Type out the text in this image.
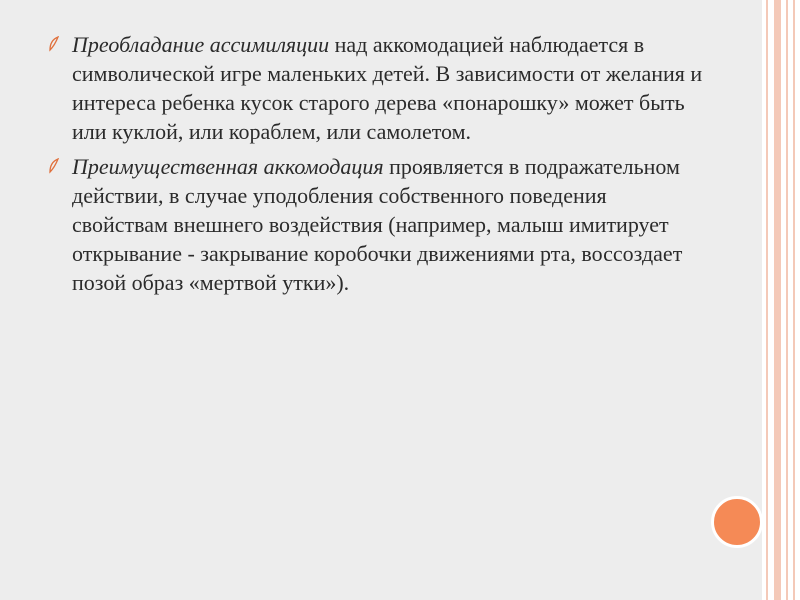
Преобладание ассимиляции над аккомодацией наблюдается в символической игре маленьких детей. В зависимости от желания и интереса ребенка кусок старого дерева «понарошку» может быть или куклой, или кораблем, или самолетом.
Преимущественная аккомодация проявляется в подражательном действии, в случае уподобления собственного поведения свойствам внешнего воздействия (например, малыш имитирует открывание - закрывание коробочки движениями рта, воссоздает позой образ «мертвой утки»).
